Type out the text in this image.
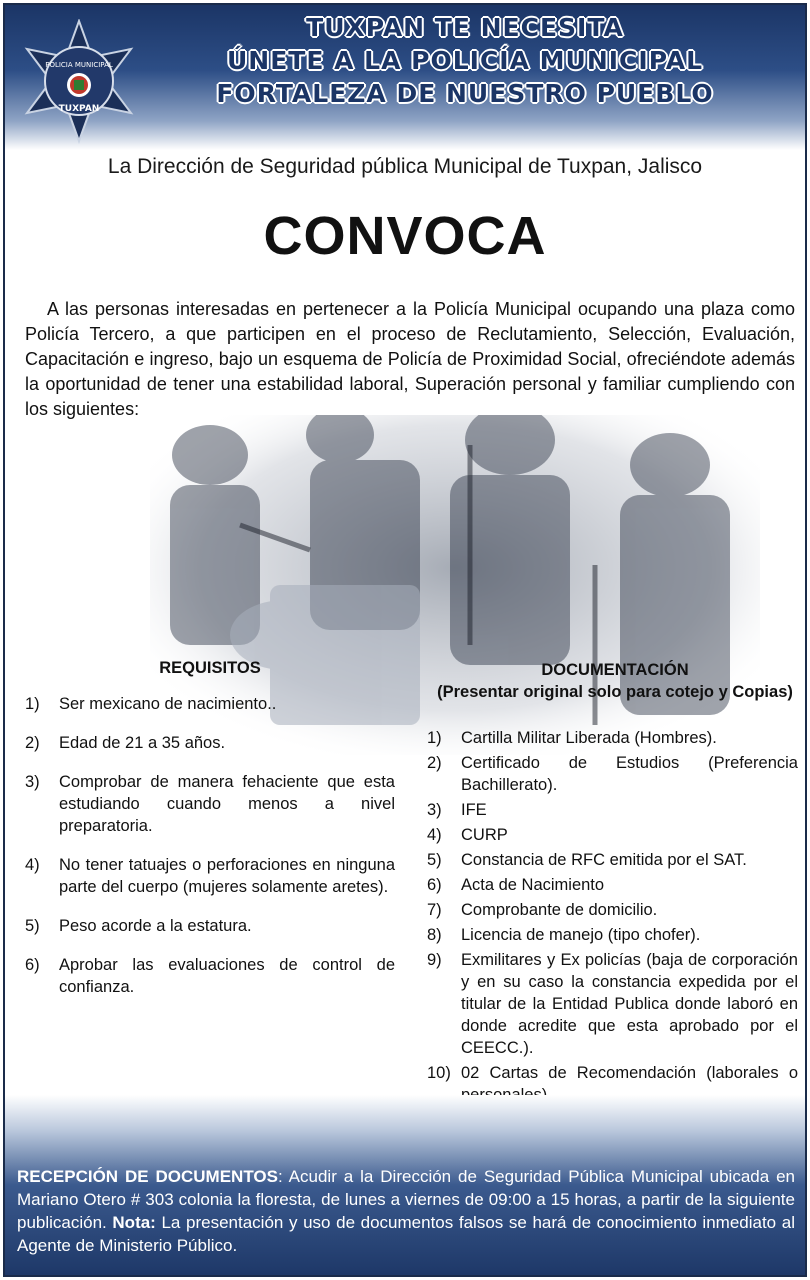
POLICIA MUNICIPAL
TUXPAN
TUXPAN TE NECESITA
ÚNETE A LA POLICÍA MUNICIPAL
FORTALEZA DE NUESTRO PUEBLO
La Dirección de Seguridad pública Municipal de Tuxpan, Jalisco
CONVOCA

A las personas interesadas en pertenecer a la Policía Municipal ocupando una plaza como Policía Tercero, a que participen en el proceso de Reclutamiento, Selección, Evaluación, Capacitación e ingreso, bajo un esquema de Policía de Proximidad Social, ofreciéndote además la oportunidad de tener una estabilidad laboral, Superación personal y familiar cumpliendo con los siguientes:

REQUISITOS
1) Ser mexicano de nacimiento..
2) Edad de 21 a 35 años.
3) Comprobar de manera fehaciente que esta estudiando cuando menos a nivel preparatoria.
4) No tener tatuajes o perforaciones en ninguna parte del cuerpo (mujeres solamente aretes).
5) Peso acorde a la estatura.
6) Aprobar las evaluaciones de control de confianza.
DOCUMENTACIÓN
(Presentar original solo para cotejo y Copias)
1) Cartilla Militar Liberada (Hombres).
2) Certificado de Estudios (Preferencia Bachillerato).
3) IFE
4) CURP
5) Constancia de RFC emitida por el SAT.
6) Acta de Nacimiento
7) Comprobante de domicilio.
8) Licencia de manejo (tipo chofer).
9) Exmilitares y Ex policías (baja de corporación y en su caso la constancia expedida por el titular de la Entidad Publica donde laboró en donde acredite que esta aprobado por el CEECC.).
10) 02 Cartas de Recomendación (laborales o

RECEPCIÓN DE DOCUMENTOS: Acudir a la Dirección de Seguridad Pública Municipal ubicada en Mariano Otero # 303 colonia la floresta, de lunes a viernes de 09:00 a 15 horas, a partir de la siguiente publicación. Nota: La presentación y uso de documentos falsos se hará de conocimiento inmediato al Agente de Ministerio Público.
